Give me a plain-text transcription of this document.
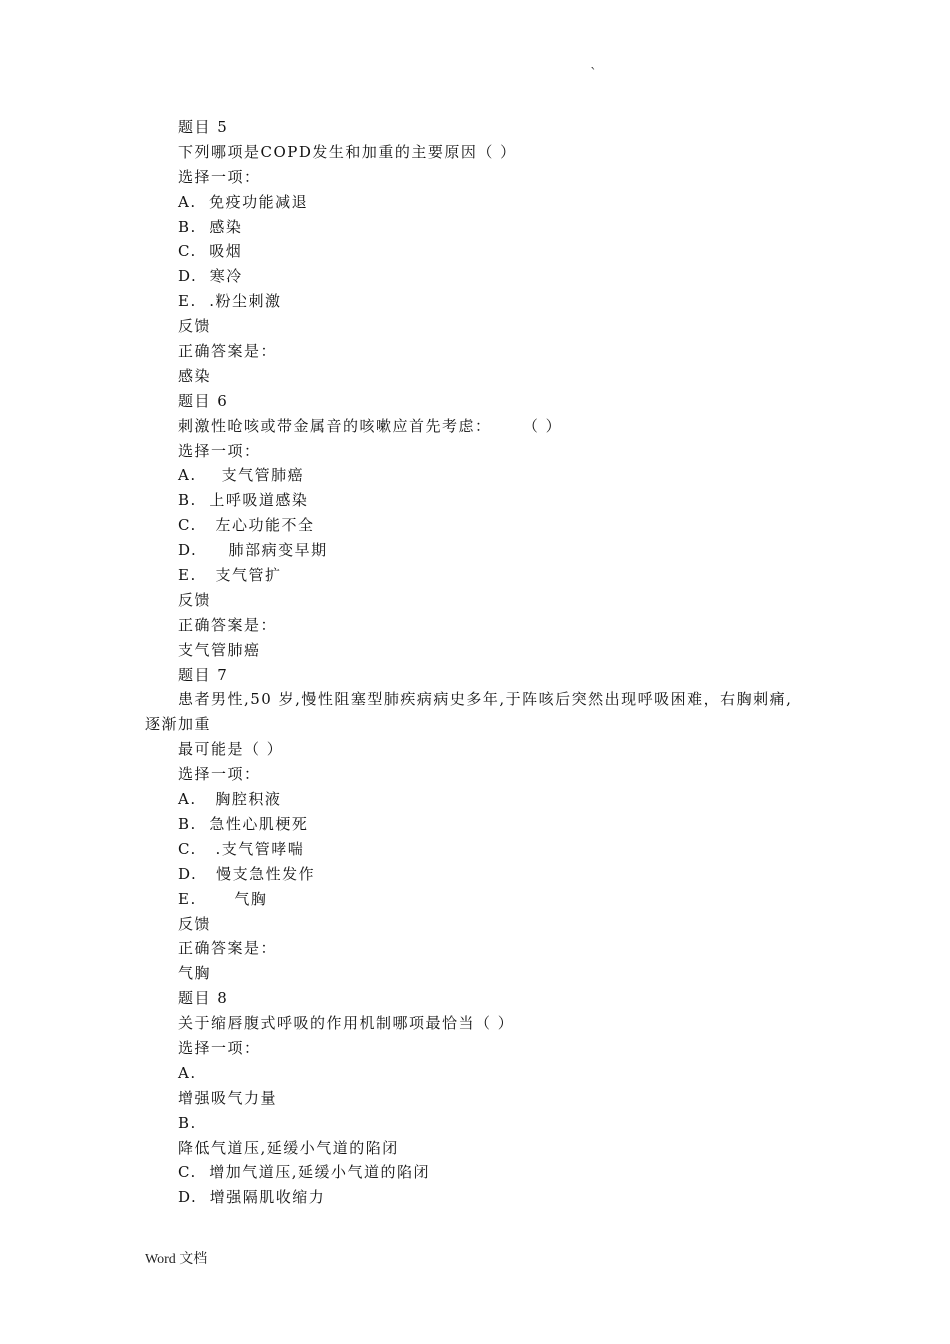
`
题目 5
下列哪项是COPD发生和加重的主要原因（ ）
选择一项：
A.  免疫功能减退
B.  感染
C.  吸烟
D.  寒冷
E.  .粉尘刺激
反馈
正确答案是：
感染
题目 6
刺激性呛咳或带金属音的咳嗽应首先考虑：     （ ）
选择一项：
A.    支气管肺癌
B.  上呼吸道感染
C.   左心功能不全
D.     肺部病变早期
E.   支气管扩
反馈
正确答案是：
支气管肺癌
题目 7
患者男性,50 岁,慢性阻塞型肺疾病病史多年,于阵咳后突然出现呼吸困难，右胸刺痛,
逐渐加重
最可能是（ ）
选择一项：
A.   胸腔积液
B.  急性心肌梗死
C.   .支气管哮喘
D.   慢支急性发作
E.      气胸
反馈
正确答案是：
气胸
题目 8
关于缩唇腹式呼吸的作用机制哪项最恰当（ ）
选择一项：
A.
增强吸气力量
B.
降低气道压,延缓小气道的陷闭
C.  增加气道压,延缓小气道的陷闭
D.  增强隔肌收缩力
Word 文档
